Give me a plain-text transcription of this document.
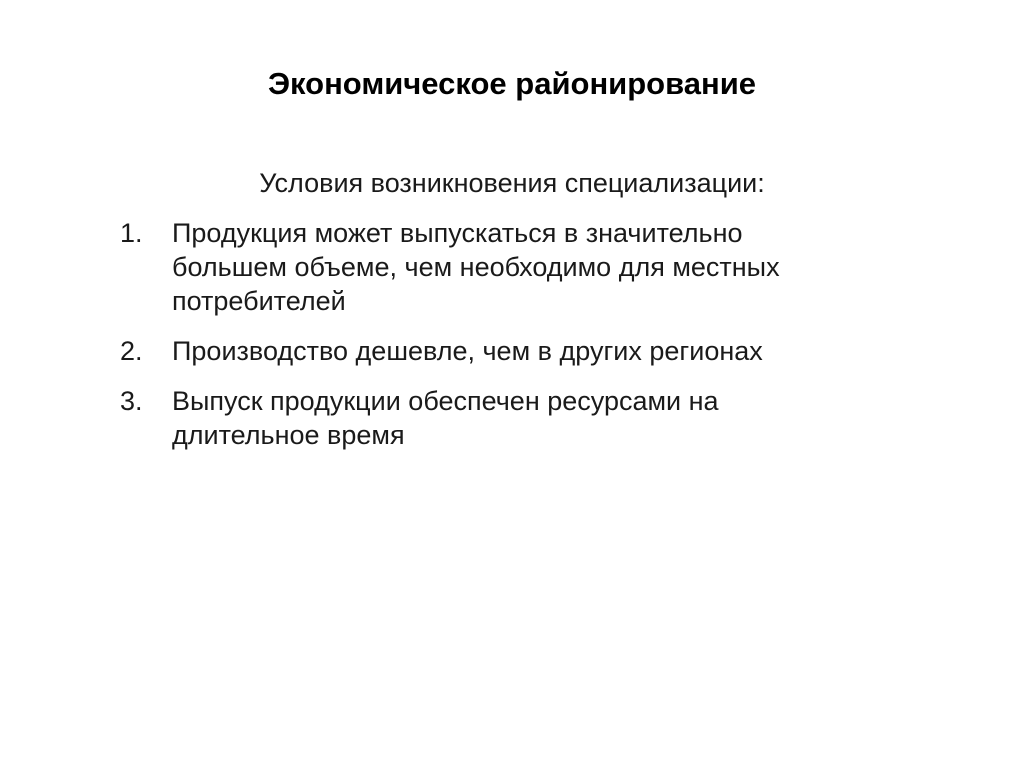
Экономическое районирование

Условия возникновения специализации:

1. Продукция может выпускаться в значительно большем объеме, чем необходимо для местных потребителей
2. Производство дешевле, чем в других регионах
3. Выпуск продукции обеспечен ресурсами на длительное время
